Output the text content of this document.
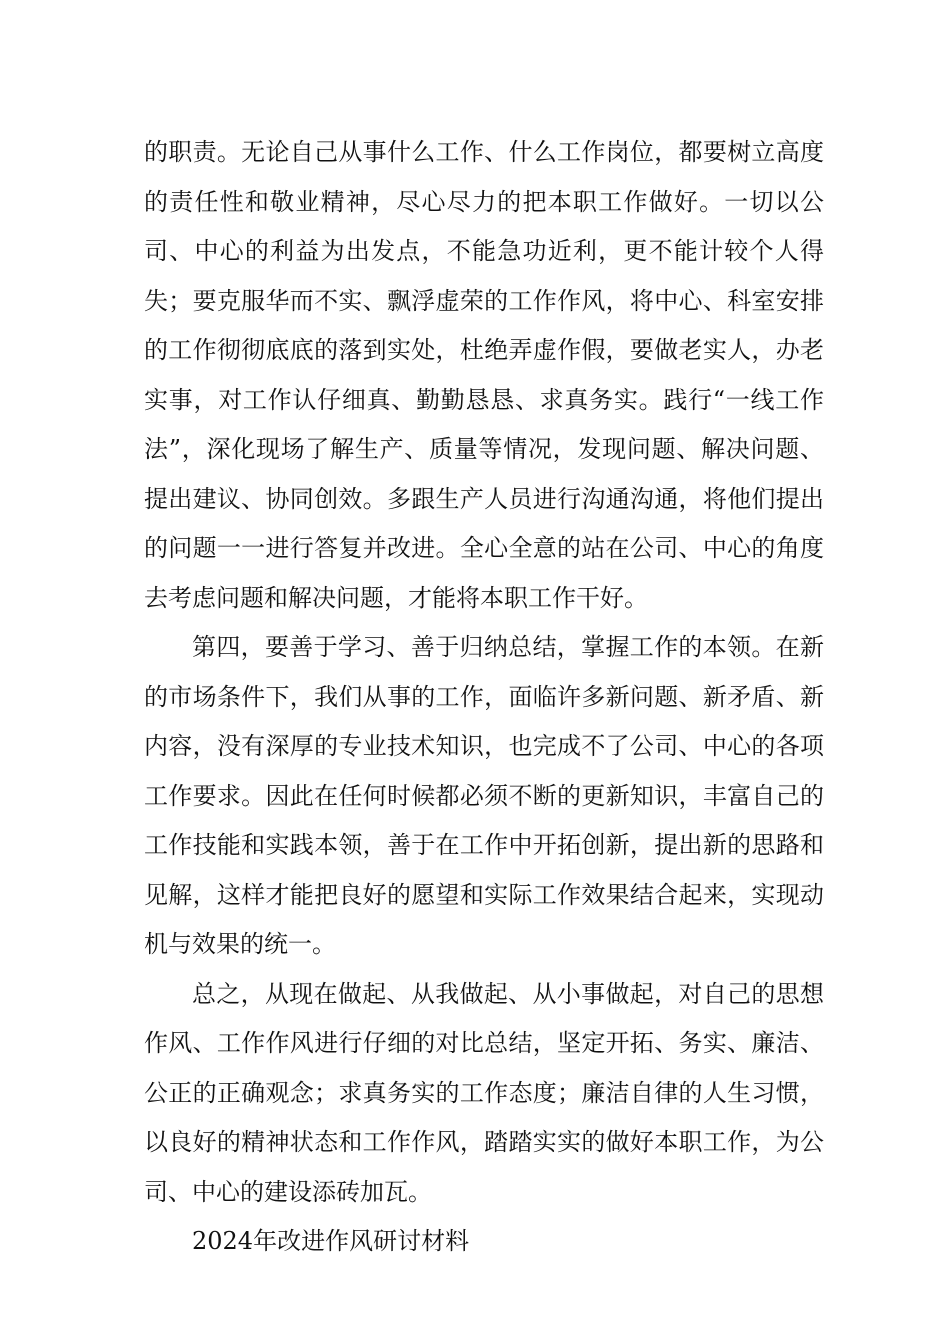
的职责。无论自己从事什么工作、什么工作岗位，都要树立高度的责任性和敬业精神，尽心尽力的把本职工作做好。一切以公司、中心的利益为出发点，不能急功近利，更不能计较个人得失；要克服华而不实、飘浮虚荣的工作作风，将中心、科室安排的工作彻彻底底的落到实处，杜绝弄虚作假，要做老实人，办老实事，对工作认仔细真、勤勤恳恳、求真务实。践行“一线工作法”，深化现场了解生产、质量等情况，发现问题、解决问题、提出建议、协同创效。多跟生产人员进行沟通沟通，将他们提出的问题一一进行答复并改进。全心全意的站在公司、中心的角度去考虑问题和解决问题，才能将本职工作干好。

第四，要善于学习、善于归纳总结，掌握工作的本领。在新的市场条件下，我们从事的工作，面临许多新问题、新矛盾、新内容，没有深厚的专业技术知识，也完成不了公司、中心的各项工作要求。因此在任何时候都必须不断的更新知识，丰富自己的工作技能和实践本领，善于在工作中开拓创新，提出新的思路和见解，这样才能把良好的愿望和实际工作效果结合起来，实现动机与效果的统一。

总之，从现在做起、从我做起、从小事做起，对自己的思想作风、工作作风进行仔细的对比总结，坚定开拓、务实、廉洁、公正的正确观念；求真务实的工作态度；廉洁自律的人生习惯，以良好的精神状态和工作作风，踏踏实实的做好本职工作，为公司、中心的建设添砖加瓦。

2024年改进作风研讨材料
